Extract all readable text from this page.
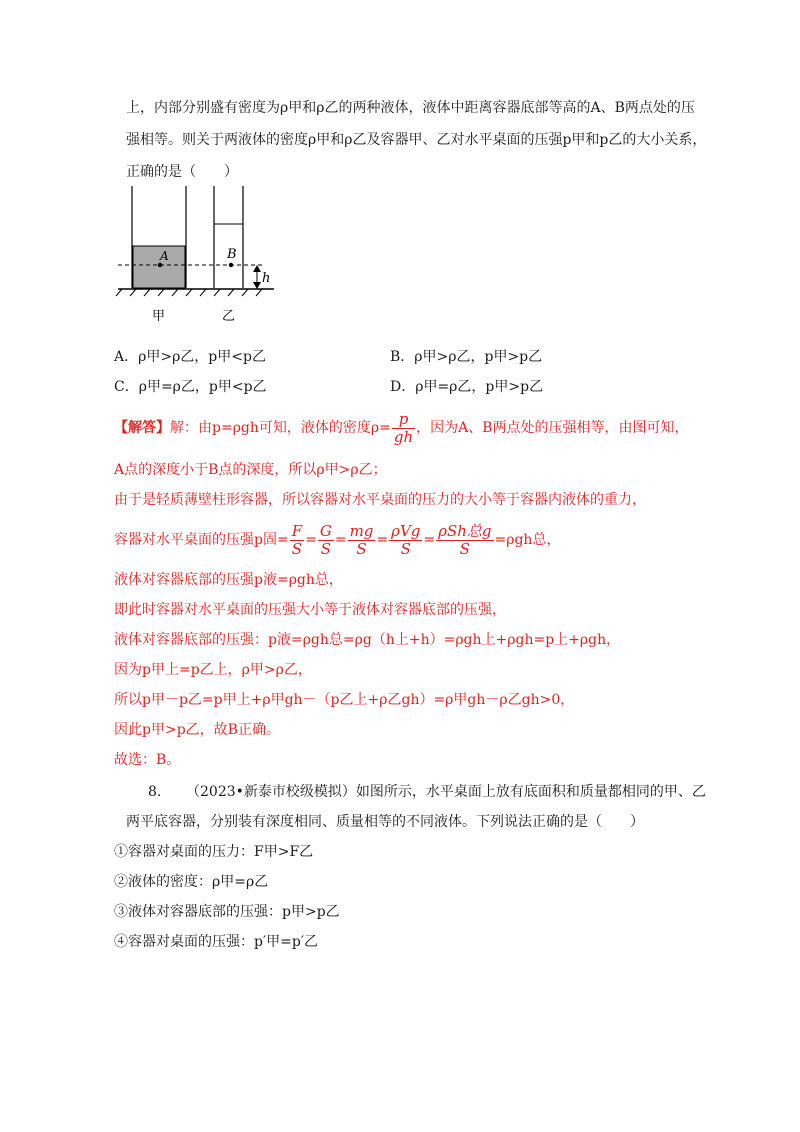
上，内部分别盛有密度为ρ甲和ρ乙的两种液体，液体中距离容器底部等高的A、B两点处的压
强相等。则关于两液体的密度ρ甲和ρ乙及容器甲、乙对水平桌面的压强p甲和p乙的大小关系，
正确的是（　　）
A	B
h
甲	乙
A．ρ甲>ρ乙，p甲<p乙	B．ρ甲>ρ乙，p甲>p乙
C．ρ甲=ρ乙，p甲<p乙	D．ρ甲=ρ乙，p甲>p乙
【解答】解：由p=ρgh可知，液体的密度$\rho= \frac{p}{gh}$ ，因为A、B两点处的压强相等，由图可知，
A点的深度小于B点的深度，所以ρ甲>ρ乙；
由于是轻质薄壁柱形容器，所以容器对水平桌面的压力的大小等于容器内液体的重力，
容器对水平桌面的压强p固= $\frac{F}{S} = \frac{G}{S} = \frac{mg}{S} = \frac{\text{ρVg}}{S} = \frac{\text{ρSh总g}}{S} =\rho gh$总，
液体对容器底部的压强p液=ρgh总，
即此时容器对水平桌面的压强大小等于液体对容器底部的压强，
液体对容器底部的压强：p液=ρgh总=ρg（h上+h）=ρgh上+ρgh=p上+ρgh，
因为p甲上=p乙上，ρ甲>ρ乙，
所以p甲－p乙=p甲上+ρ甲gh－（p乙上+ρ乙gh）=ρ甲gh－ρ乙gh>0，
因此p甲>p乙，故B正确。
故选：B。
8. （2023•新泰市校级模拟）如图所示，水平桌面上放有底面积和质量都相同的甲、乙
两平底容器，分别装有深度相同、质量相等的不同液体。下列说法正确的是（　　）
①容器对桌面的压力：F甲>F乙
②液体的密度：ρ甲=ρ乙
③液体对容器底部的压强：p甲>p乙
④容器对桌面的压强：p′甲=p′乙
